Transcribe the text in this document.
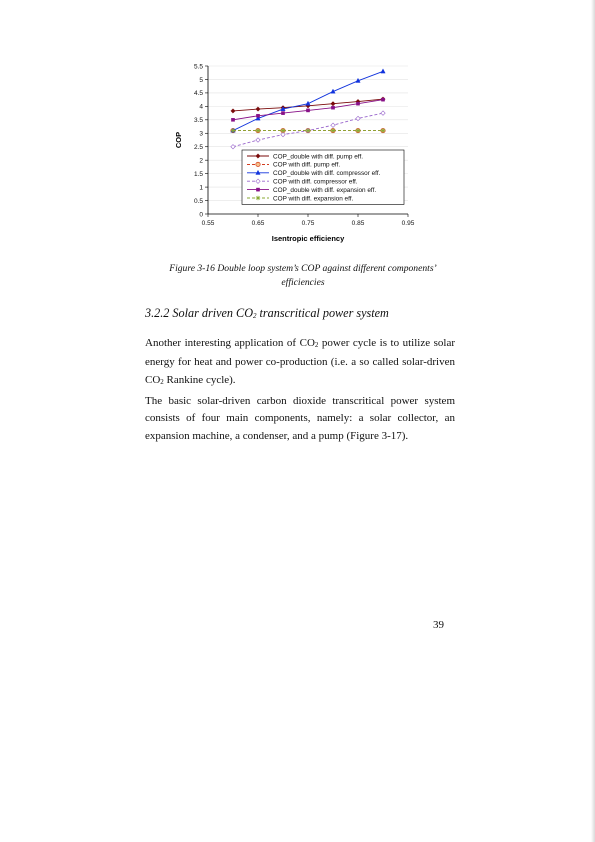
0
0.5
1
1.5
2
2.5
3
3.5
4
4.5
5
5.5
0.55	0.65	0.75	0.85	0.95
COP_double with diff. pump eff.
COP with diff. pump eff.
COP_double with diff. compressor eff.
COP with diff. compressor eff.
COP_double with diff. expansion eff.
COP with diff. expansion eff.
Isentropic efficiency
COP
Figure 3-16 Double loop system’s COP against different components’
efficiencies
3.2.2 Solar driven CO2 transcritical power system
Another interesting application of CO2 power cycle is to utilize solar energy for heat and power co-production (i.e. a so called solar-driven CO2 Rankine cycle).
The basic solar-driven carbon dioxide transcritical power system consists of four main components, namely: a solar collector, an expansion machine, a condenser, and a pump (Figure 3-17).
39
